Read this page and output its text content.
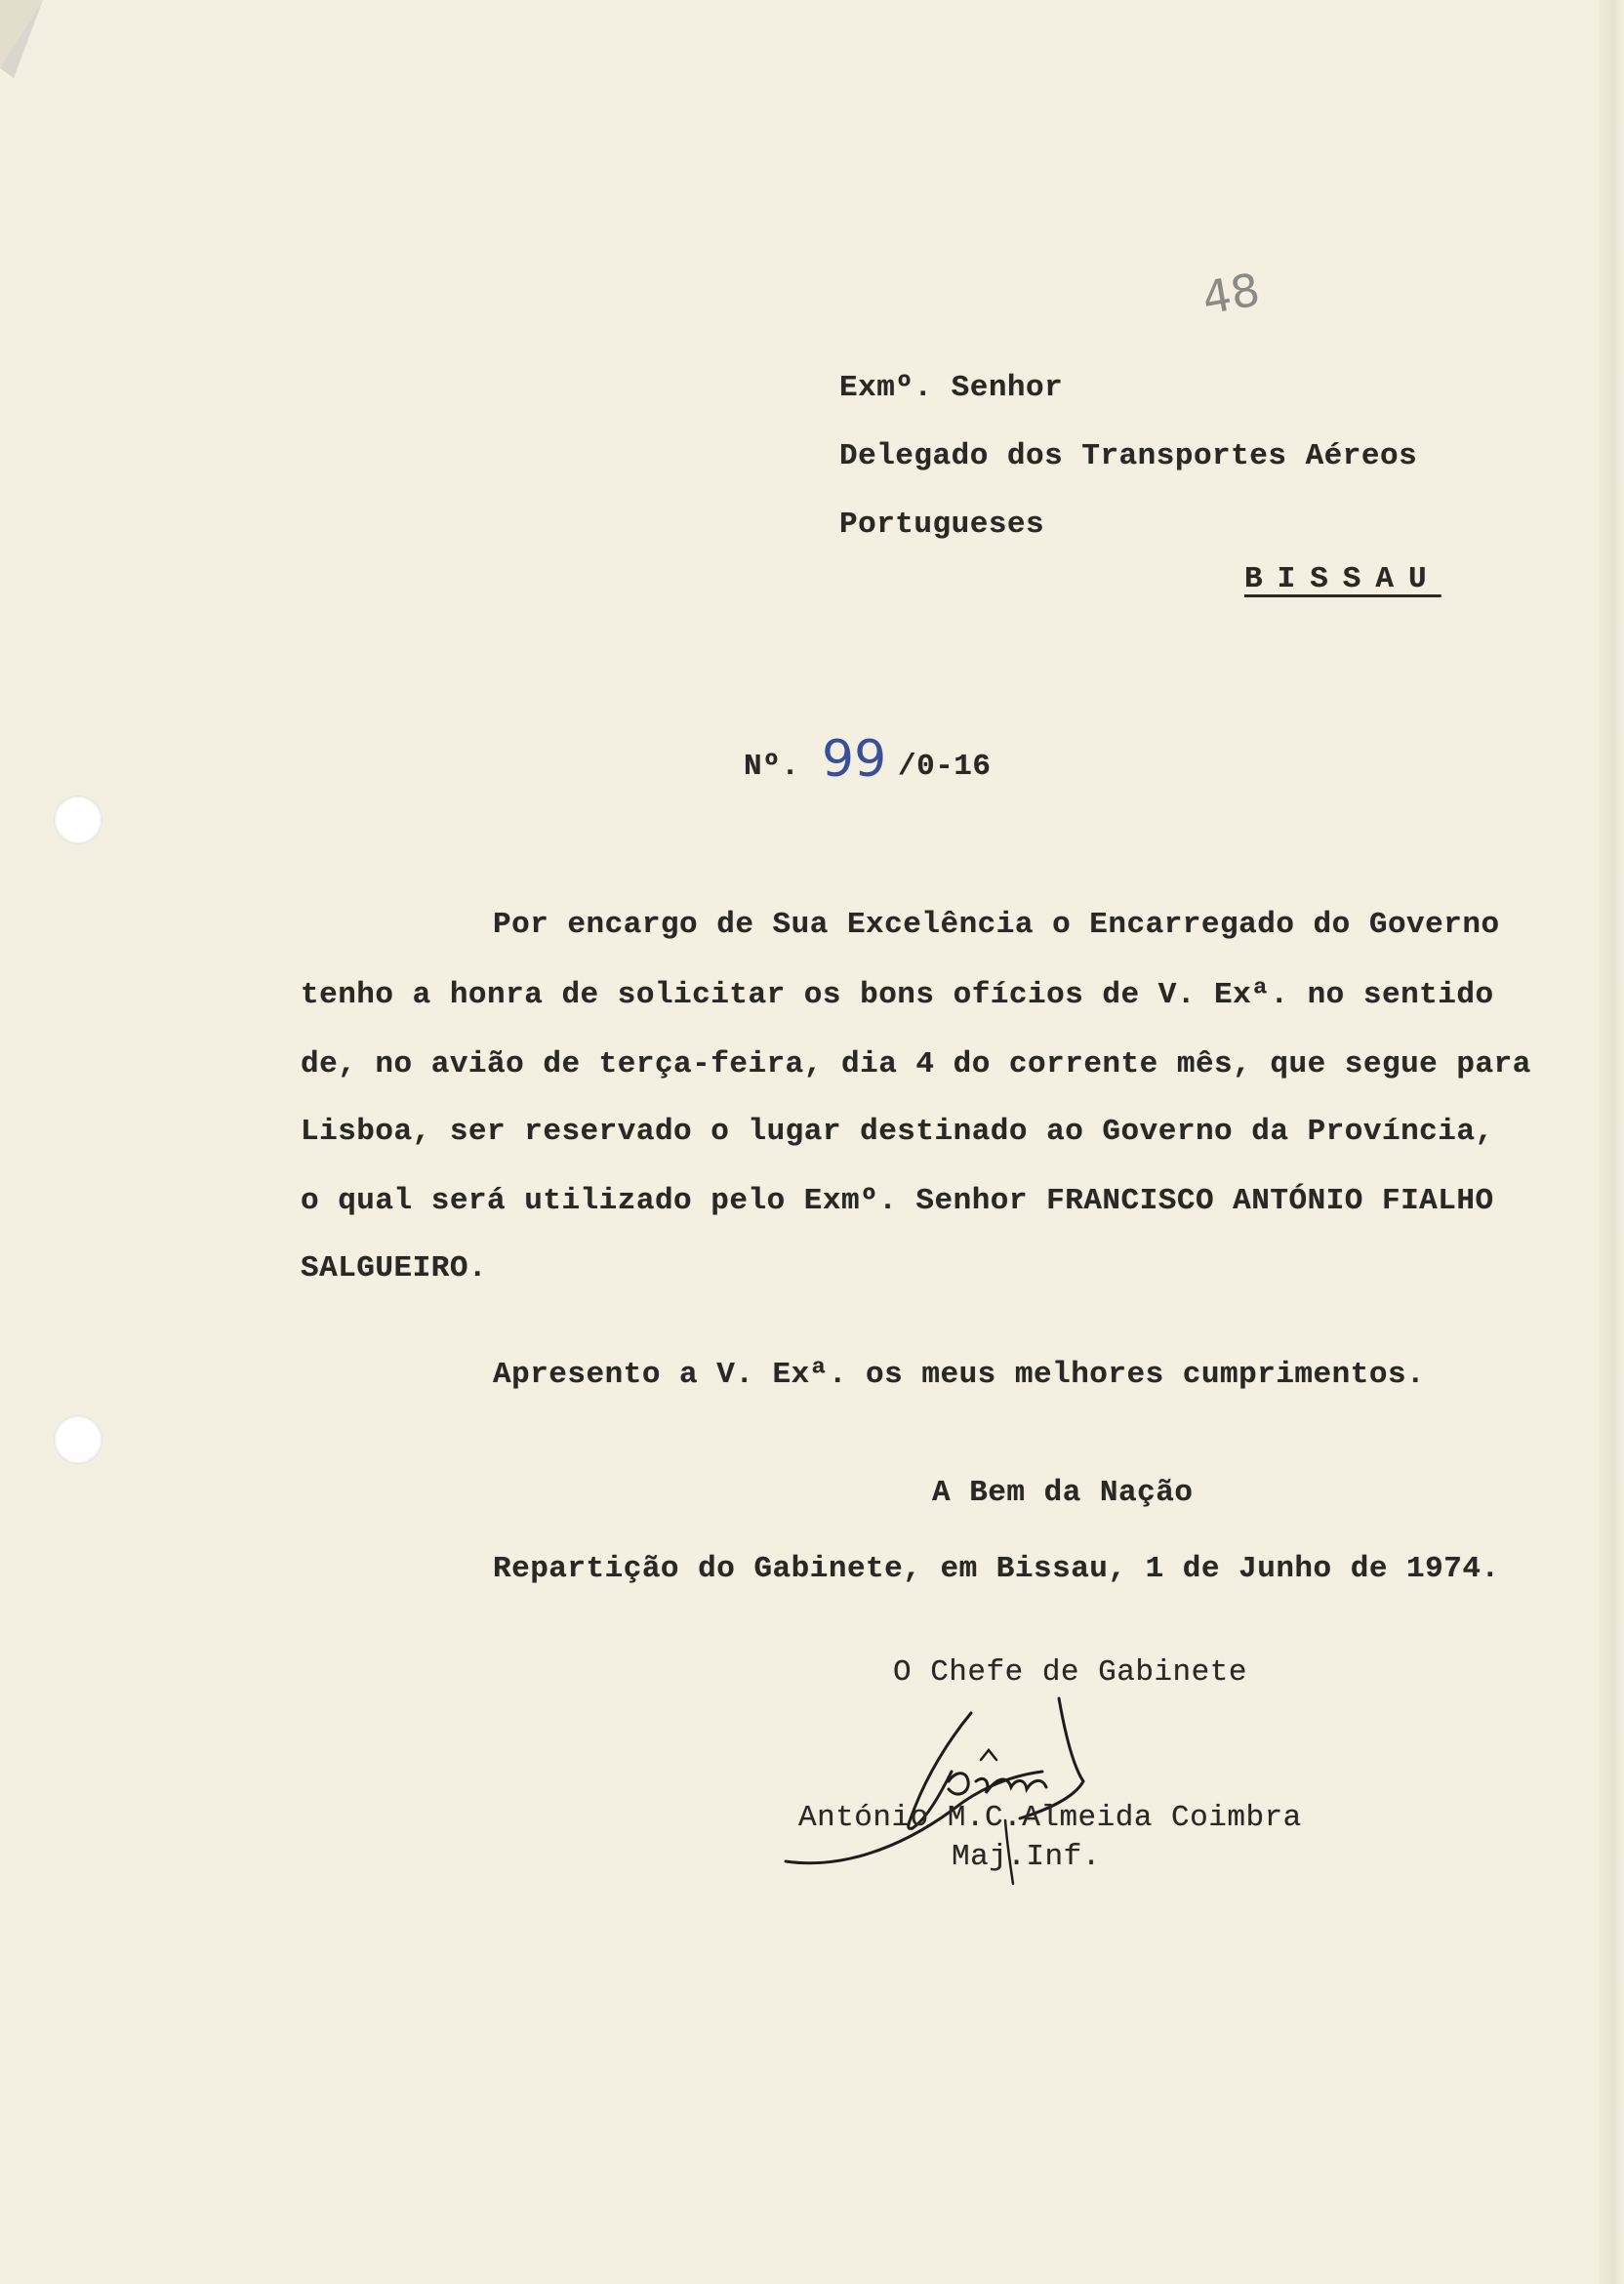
48
Exmº. Senhor
Delegado dos Transportes Aéreos
Portugueses
BISSAU
Nº. 99 /0-16
Por encargo de Sua Excelência o Encarregado do Governo
tenho a honra de solicitar os bons ofícios de V. Exª. no sentido
de, no avião de terça-feira, dia 4 do corrente mês, que segue para
Lisboa, ser reservado o lugar destinado ao Governo da Província,
o qual será utilizado pelo Exmº. Senhor FRANCISCO ANTÓNIO FIALHO
SALGUEIRO.
Apresento a V. Exª. os meus melhores cumprimentos.
A Bem da Nação
Repartição do Gabinete, em Bissau, 1 de Junho de 1974.
O Chefe de Gabinete
António M.C.Almeida Coimbra
Maj.Inf.
